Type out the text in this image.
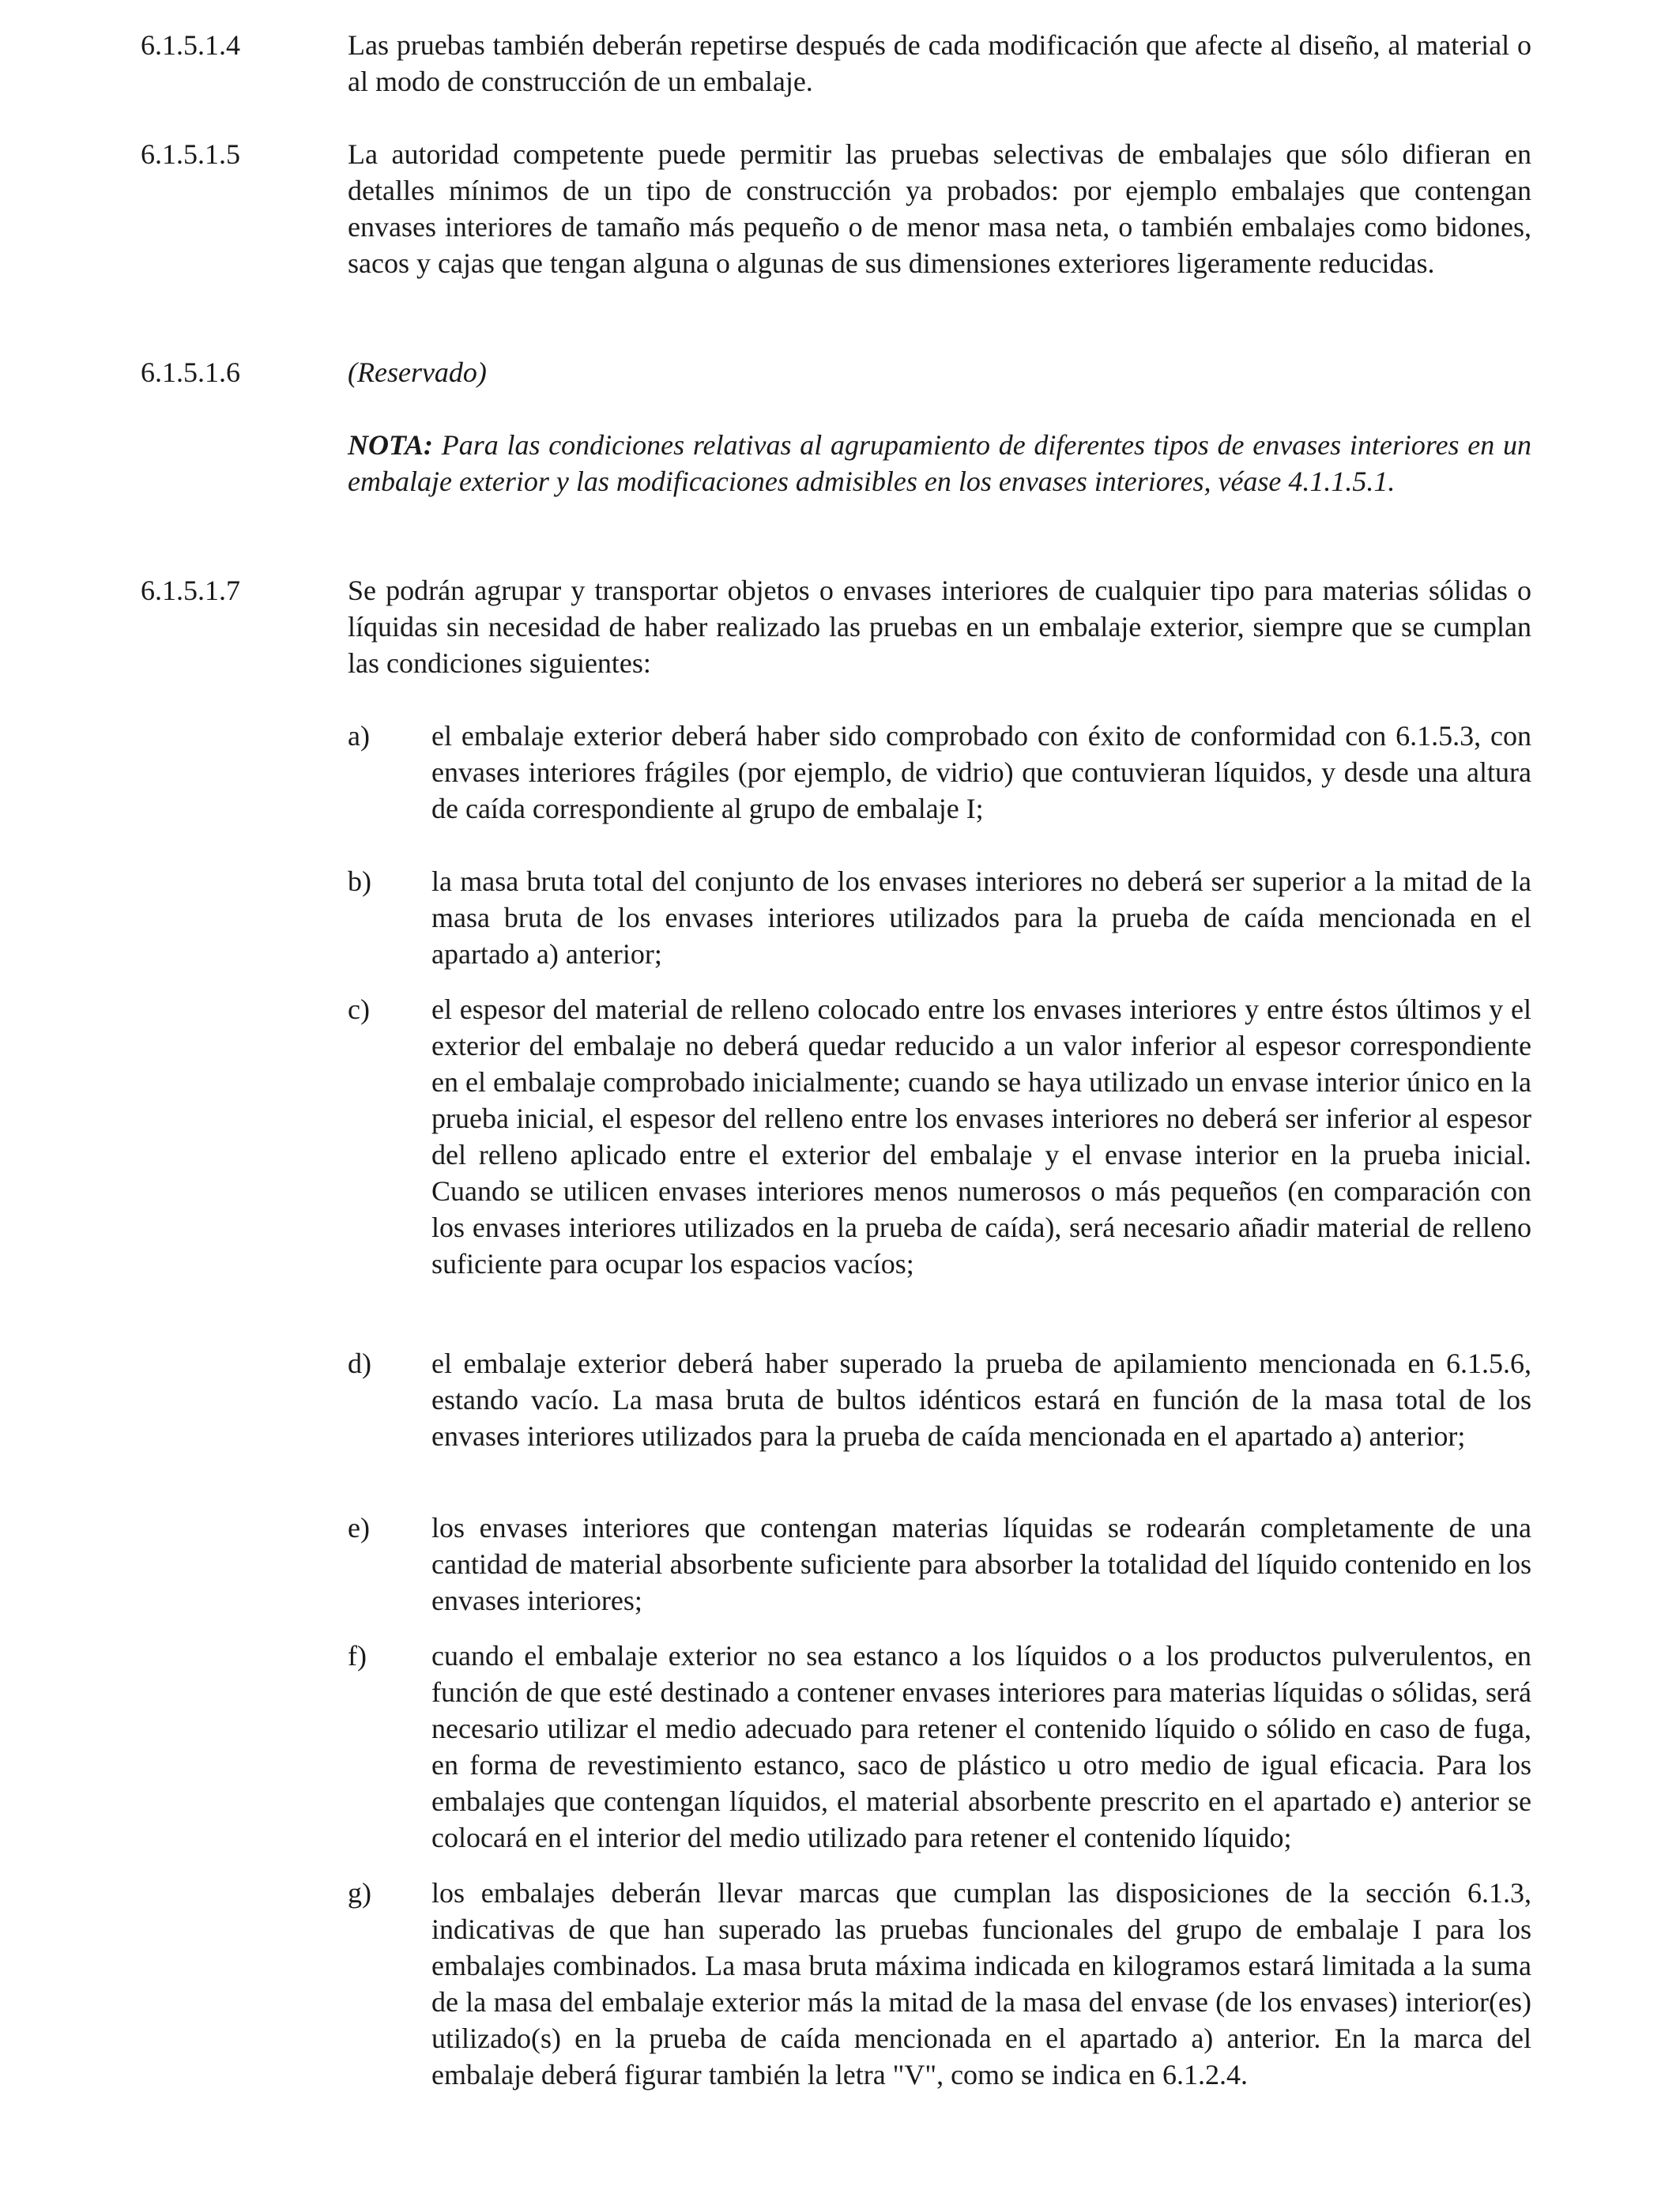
6.1.5.1.4	Las pruebas también deberán repetirse después de cada modificación que afecte al diseño, al material o al modo de construcción de un embalaje.

6.1.5.1.5	La autoridad competente puede permitir las pruebas selectivas de embalajes que sólo difieran en detalles mínimos de un tipo de construcción ya probados: por ejemplo embalajes que contengan envases interiores de tamaño más pequeño o de menor masa neta, o también embalajes como bidones, sacos y cajas que tengan alguna o algunas de sus dimensiones exteriores ligeramente reducidas.

6.1.5.1.6	(Reservado)

NOTA: Para las condiciones relativas al agrupamiento de diferentes tipos de envases interiores en un embalaje exterior y las modificaciones admisibles en los envases interiores, véase 4.1.1.5.1.

6.1.5.1.7	Se podrán agrupar y transportar objetos o envases interiores de cualquier tipo para materias sólidas o líquidas sin necesidad de haber realizado las pruebas en un embalaje exterior, siempre que se cumplan las condiciones siguientes:

a) el embalaje exterior deberá haber sido comprobado con éxito de conformidad con 6.1.5.3, con envases interiores frágiles (por ejemplo, de vidrio) que contuvieran líquidos, y desde una altura de caída correspondiente al grupo de embalaje I;

b) la masa bruta total del conjunto de los envases interiores no deberá ser superior a la mitad de la masa bruta de los envases interiores utilizados para la prueba de caída mencionada en el apartado a) anterior;

c) el espesor del material de relleno colocado entre los envases interiores y entre éstos últimos y el exterior del embalaje no deberá quedar reducido a un valor inferior al espesor correspondiente en el embalaje comprobado inicialmente; cuando se haya utilizado un envase interior único en la prueba inicial, el espesor del relleno entre los envases interiores no deberá ser inferior al espesor del relleno aplicado entre el exterior del embalaje y el envase interior en la prueba inicial. Cuando se utilicen envases interiores menos numerosos o más pequeños (en comparación con los envases interiores utilizados en la prueba de caída), será necesario añadir material de relleno suficiente para ocupar los espacios vacíos;

d) el embalaje exterior deberá haber superado la prueba de apilamiento mencionada en 6.1.5.6, estando vacío. La masa bruta de bultos idénticos estará en función de la masa total de los envases interiores utilizados para la prueba de caída mencionada en el apartado a) anterior;

e) los envases interiores que contengan materias líquidas se rodearán completamente de una cantidad de material absorbente suficiente para absorber la totalidad del líquido contenido en los envases interiores;

f) cuando el embalaje exterior no sea estanco a los líquidos o a los productos pulverulentos, en función de que esté destinado a contener envases interiores para materias líquidas o sólidas, será necesario utilizar el medio adecuado para retener el contenido líquido o sólido en caso de fuga, en forma de revestimiento estanco, saco de plástico u otro medio de igual eficacia. Para los embalajes que contengan líquidos, el material absorbente prescrito en el apartado e) anterior se colocará en el interior del medio utilizado para retener el contenido líquido;

g) los embalajes deberán llevar marcas que cumplan las disposiciones de la sección 6.1.3, indicativas de que han superado las pruebas funcionales del grupo de embalaje I para los embalajes combinados. La masa bruta máxima indicada en kilogramos estará limitada a la suma de la masa del embalaje exterior más la mitad de la masa del envase (de los envases) interior(es) utilizado(s) en la prueba de caída mencionada en el apartado a) anterior. En la marca del embalaje deberá figurar también la letra "V", como se indica en 6.1.2.4.
